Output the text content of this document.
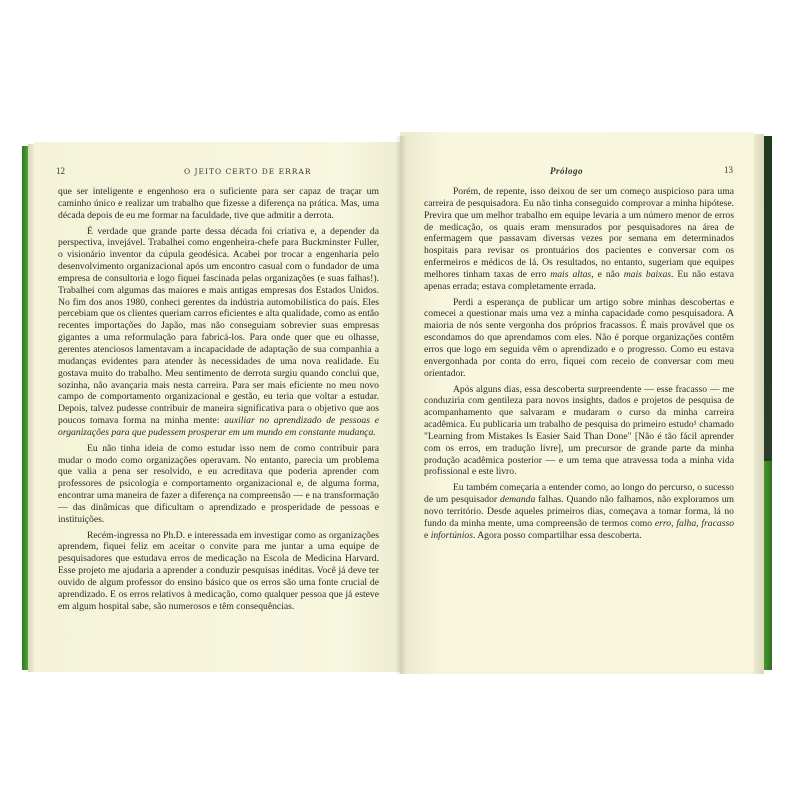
12	O JEITO CERTO DE ERRAR	Prólogo	13

que ser inteligente e engenhoso era o suficiente para ser capaz de traçar um caminho único e realizar um trabalho que fizesse a diferença na prática. Mas, uma década depois de eu me formar na faculdade, tive que admitir a derrota.

É verdade que grande parte dessa década foi criativa e, a depender da perspectiva, invejável. Trabalhei como engenheira-chefe para Buckminster Fuller, o visionário inventor da cúpula geodésica. Acabei por trocar a engenharia pelo desenvolvimento organizacional após um encontro casual com o fundador de uma empresa de consultoria e logo fiquei fascinada pelas organizações (e suas falhas!). Trabalhei com algumas das maiores e mais antigas empresas dos Estados Unidos. No fim dos anos 1980, conheci gerentes da indústria automobilística do país. Eles percebiam que os clientes queriam carros eficientes e alta qualidade, como as então recentes importações do Japão, mas não conseguiam sobrevier suas empresas gigantes a uma reformulação para fabricá-los. Para onde quer que eu olhasse, gerentes atenciosos lamentavam a incapacidade de adaptação de sua companhia a mudanças evidentes para atender às necessidades de uma nova realidade. Eu gostava muito do trabalho. Meu sentimento de derrota surgiu quando conclui que, sozinha, não avançaria mais nesta carreira. Para ser mais eficiente no meu novo campo de comportamento organizacional e gestão, eu teria que voltar a estudar. Depois, talvez pudesse contribuir de maneira significativa para o objetivo que aos poucos tomava forma na minha mente: auxiliar no aprendizado de pessoas e organizações para que pudessem prosperar em um mundo em constante mudança.

Eu não tinha ideia de como estudar isso nem de como contribuir para mudar o modo como organizações operavam. No entanto, parecia um problema que valia a pena ser resolvido, e eu acreditava que poderia aprender com professores de psicologia e comportamento organizacional e, de alguma forma, encontrar uma maneira de fazer a diferença na compreensão — e na transformação — das dinâmicas que dificultam o aprendizado e prosperidade de pessoas e instituições.

Recém-ingressa no Ph.D. e interessada em investigar como as organizações aprendem, fiquei feliz em aceitar o convite para me juntar a uma equipe de pesquisadores que estudava erros de medicação na Escola de Medicina Harvard. Esse projeto me ajudaria a aprender a conduzir pesquisas inéditas. Você já deve ter ouvido de algum professor do ensino básico que os erros são uma fonte crucial de aprendizado. E os erros relativos à medicação, como qualquer pessoa que já esteve em algum hospital sabe, são numerosos e têm consequências.

Porém, de repente, isso deixou de ser um começo auspicioso para uma carreira de pesquisadora. Eu não tinha conseguido comprovar a minha hipótese. Previra que um melhor trabalho em equipe levaria a um número menor de erros de medicação, os quais eram mensurados por pesquisadores na área de enfermagem que passavam diversas vezes por semana em determinados hospitais para revisar os prontuários dos pacientes e conversar com os enfermeiros e médicos de lá. Os resultados, no entanto, sugeriam que equipes melhores tinham taxas de erro mais altas, e não mais baixas. Eu não estava apenas errada; estava completamente errada.

Perdi a esperança de publicar um artigo sobre minhas descobertas e comecei a questionar mais uma vez a minha capacidade como pesquisadora. A maioria de nós sente vergonha dos próprios fracassos. É mais provável que os escondamos do que aprendamos com eles. Não é porque organizações contêm erros que logo em seguida vêm o aprendizado e o progresso. Como eu estava envergonhada por conta do erro, fiquei com receio de conversar com meu orientador.

Após alguns dias, essa descoberta surpreendente — esse fracasso — me conduziria com gentileza para novos insights, dados e projetos de pesquisa de acompanhamento que salvaram e mudaram o curso da minha carreira acadêmica. Eu publicaria um trabalho de pesquisa do primeiro estudo¹ chamado "Learning from Mistakes Is Easier Said Than Done" [Não é tão fácil aprender com os erros, em tradução livre], um precursor de grande parte da minha produção acadêmica posterior — e um tema que atravessa toda a minha vida profissional e este livro.

Eu também começaria a entender como, ao longo do percurso, o sucesso de um pesquisador demanda falhas. Quando não falhamos, não exploramos um novo território. Desde aqueles primeiros dias, começava a tomar forma, lá no fundo da minha mente, uma compreensão de termos como erro, falha, fracasso e infortúnios. Agora posso compartilhar essa descoberta.
